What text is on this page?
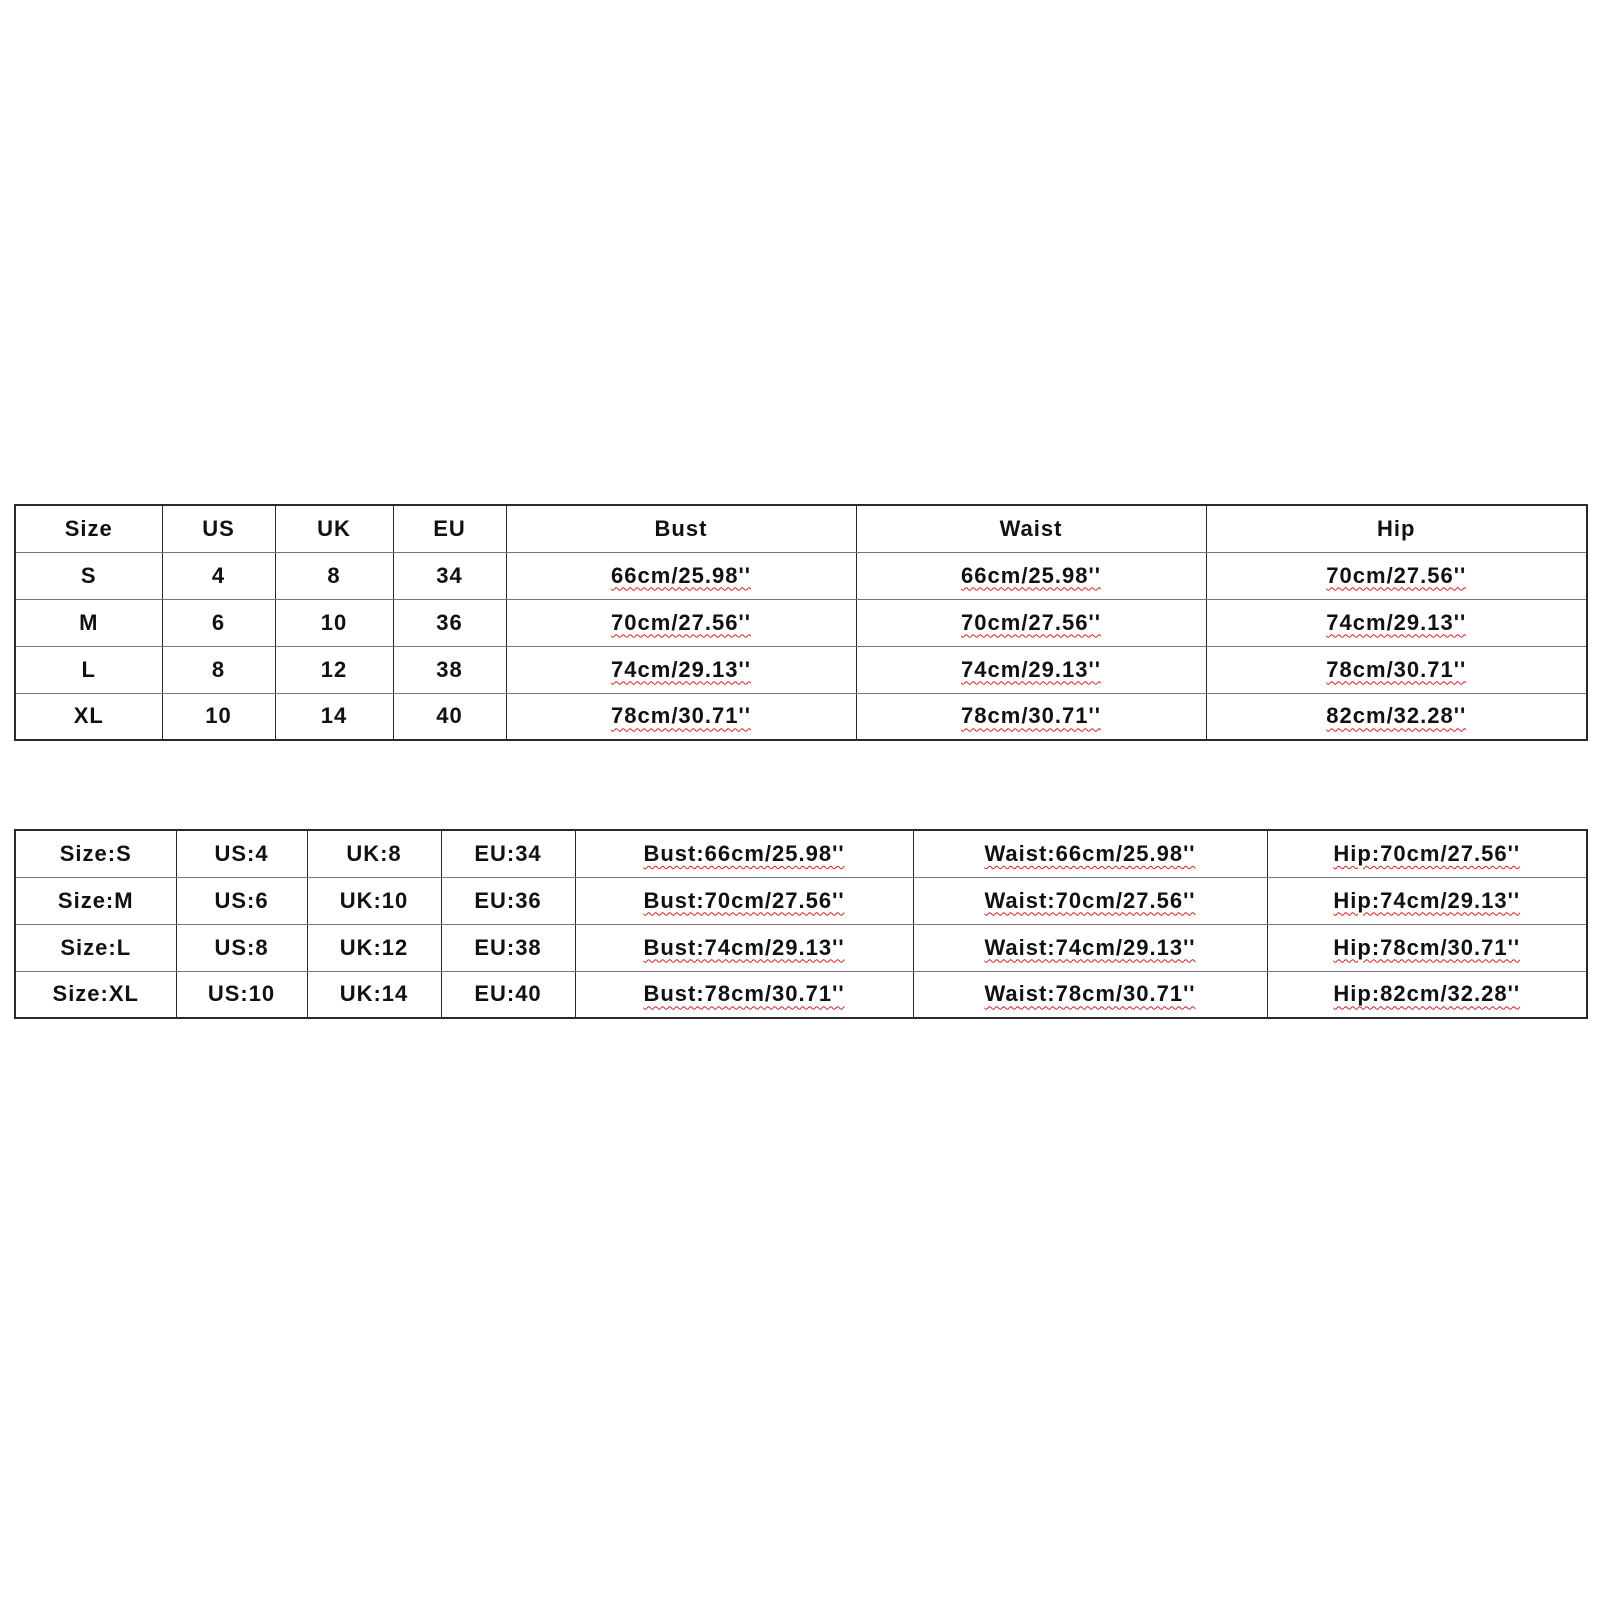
Size	US	UK	EU	Bust	Waist	Hip
S	4	8	34	66cm/25.98''	66cm/25.98''	70cm/27.56''
M	6	10	36	70cm/27.56''	70cm/27.56''	74cm/29.13''
L	8	12	38	74cm/29.13''	74cm/29.13''	78cm/30.71''
XL	10	14	40	78cm/30.71''	78cm/30.71''	82cm/32.28''
Size:S	US:4	UK:8	EU:34	Bust:66cm/25.98''	Waist:66cm/25.98''	Hip:70cm/27.56''
Size:M	US:6	UK:10	EU:36	Bust:70cm/27.56''	Waist:70cm/27.56''	Hip:74cm/29.13''
Size:L	US:8	UK:12	EU:38	Bust:74cm/29.13''	Waist:74cm/29.13''	Hip:78cm/30.71''
Size:XL	US:10	UK:14	EU:40	Bust:78cm/30.71''	Waist:78cm/30.71''	Hip:82cm/32.28''
